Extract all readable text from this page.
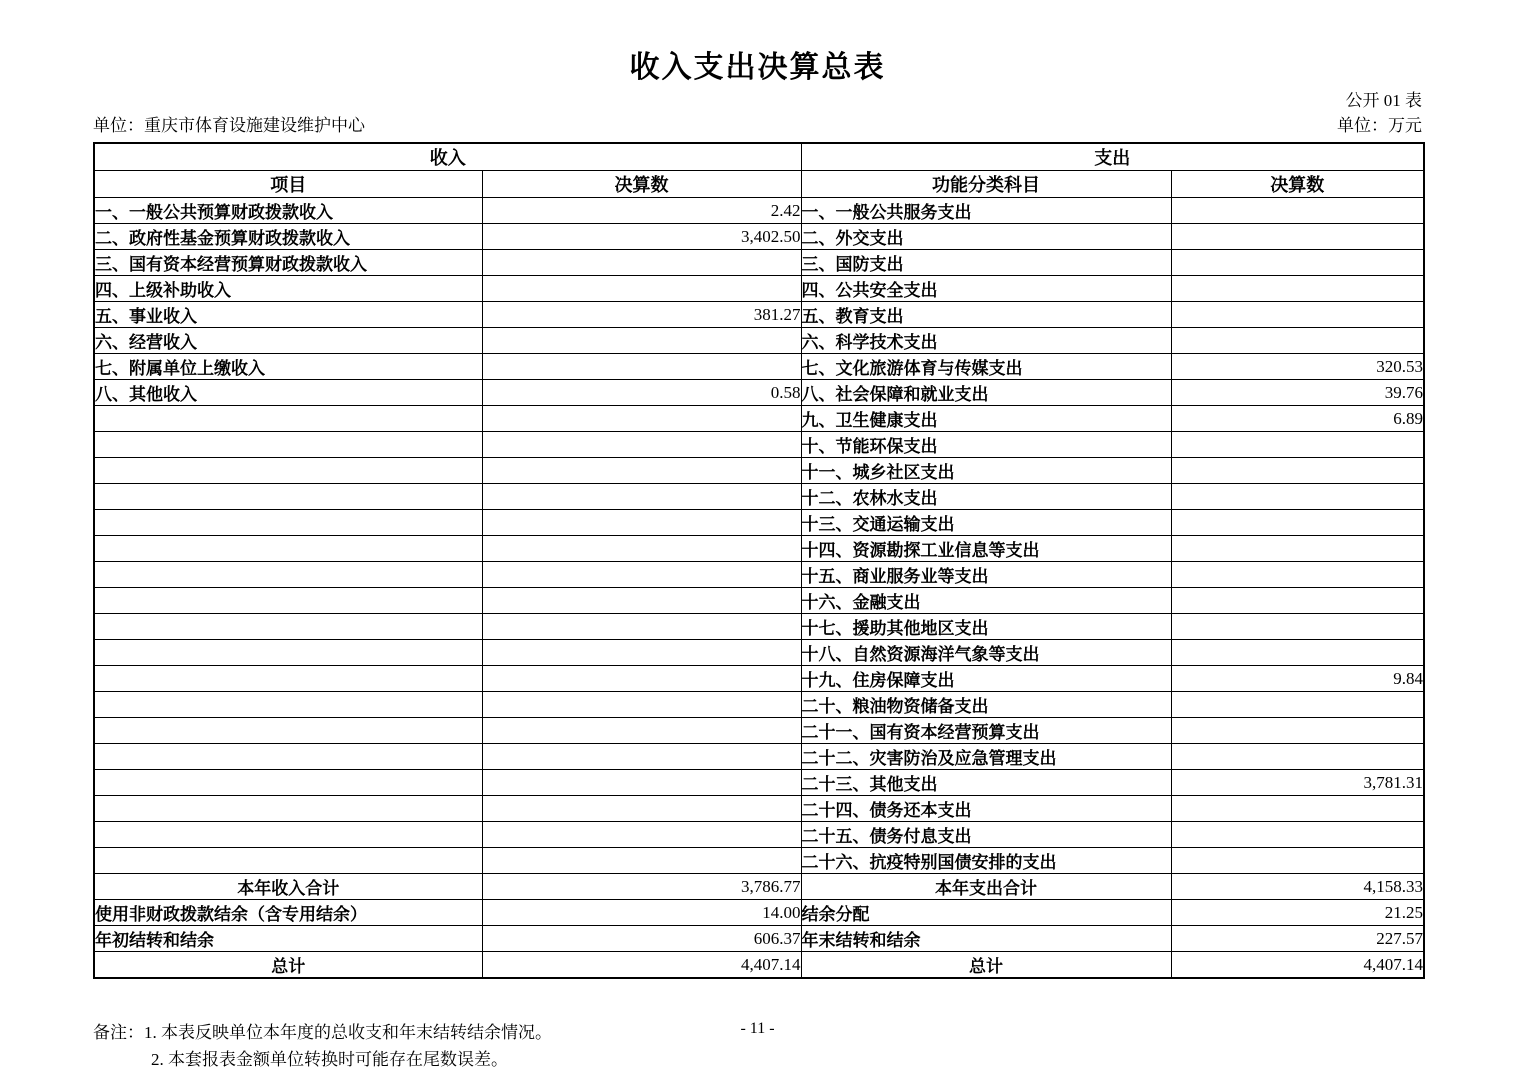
收入支出决算总表
公开 01 表
单位：重庆市体育设施建设维护中心	单位：万元
收入		支出	
项目	决算数	功能分类科目	决算数
一、一般公共预算财政拨款收入	2.42	一、一般公共服务支出	
二、政府性基金预算财政拨款收入	3,402.50	二、外交支出	
三、国有资本经营预算财政拨款收入		三、国防支出	
四、上级补助收入		四、公共安全支出	
五、事业收入	381.27	五、教育支出	
六、经营收入		六、科学技术支出	
七、附属单位上缴收入		七、文化旅游体育与传媒支出	320.53
八、其他收入	0.58	八、社会保障和就业支出	39.76
		九、卫生健康支出	6.89
		十、节能环保支出	
		十一、城乡社区支出	
		十二、农林水支出	
		十三、交通运输支出	
		十四、资源勘探工业信息等支出	
		十五、商业服务业等支出	
		十六、金融支出	
		十七、援助其他地区支出	
		十八、自然资源海洋气象等支出	
		十九、住房保障支出	9.84
		二十、粮油物资储备支出	
		二十一、国有资本经营预算支出	
		二十二、灾害防治及应急管理支出	
		二十三、其他支出	3,781.31
		二十四、债务还本支出	
		二十五、债务付息支出	
		二十六、抗疫特别国债安排的支出	
本年收入合计	3,786.77	本年支出合计	4,158.33
使用非财政拨款结余（含专用结余）	14.00	结余分配	21.25
年初结转和结余	606.37	年末结转和结余	227.57
总计	4,407.14	总计	4,407.14
备注：1. 本表反映单位本年度的总收支和年末结转结余情况。
2. 本套报表金额单位转换时可能存在尾数误差。
- 11 -
